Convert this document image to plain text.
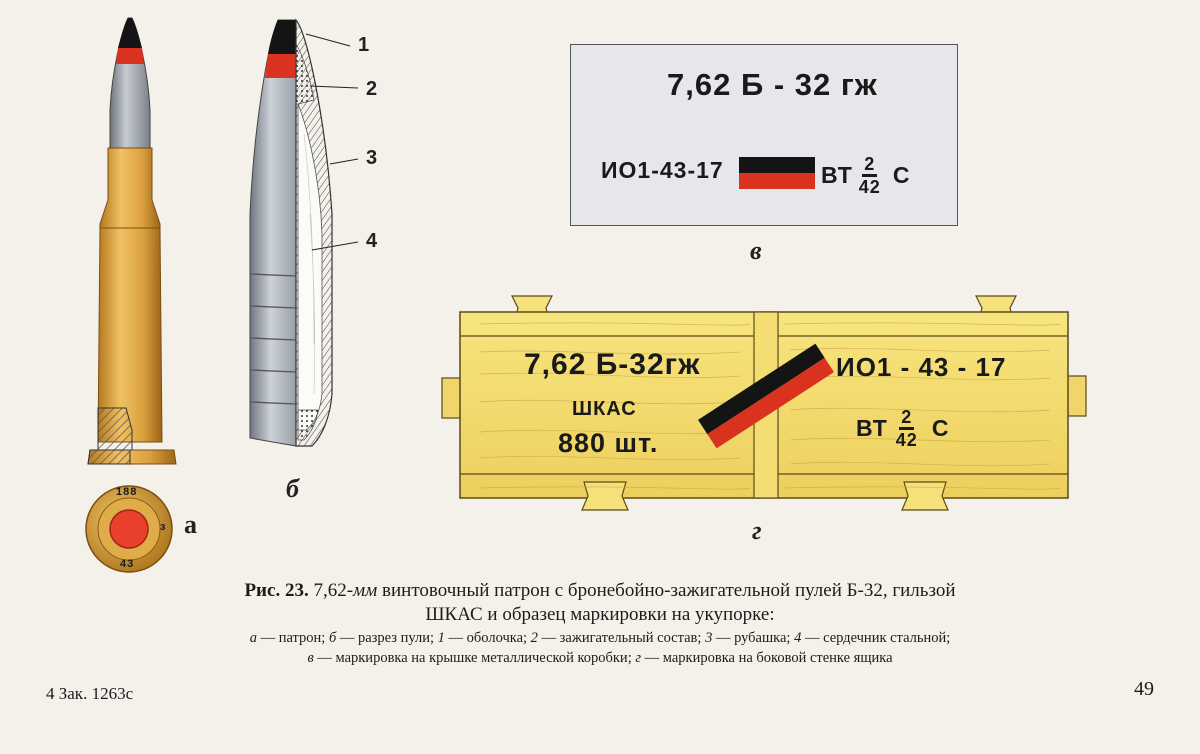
188
43
з а
1
2
3
4
б
7,62 Б - 32 гж
ИО1-43-17	ВТ $\frac{2}{42}$ С
в
7,62 Б-32гж
ШКАС
880 шт.
ИО1 - 43 - 17
ВТ $\frac{2}{42}$ С
г
Рис. 23. 7,62-мм винтовочный патрон с бронебойно-зажигательной пулей Б-32, гильзой
ШКАС и образец маркировки на укупорке:
а — патрон; б — разрез пули; 1 — оболочка; 2 — зажигательный состав; 3 — рубашка; 4 — сердечник стальной;
в — маркировка на крышке металлической коробки; г — маркировка на боковой стенке ящика
4 Зак. 1263с	49
